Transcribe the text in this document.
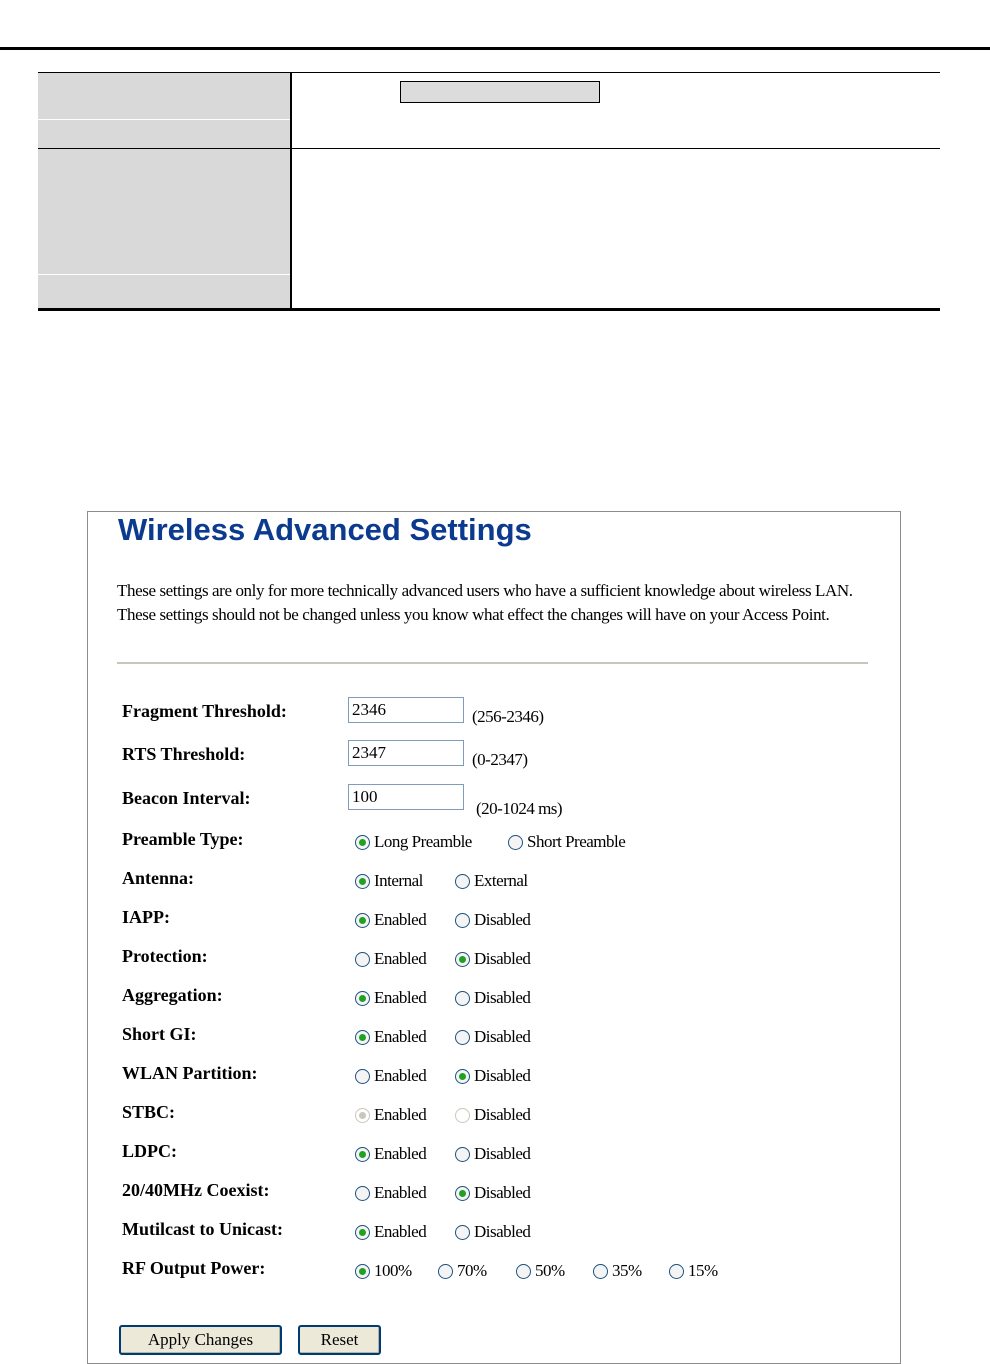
Wireless Advanced Settings

These settings are only for more technically advanced users who have a sufficient knowledge about wireless LAN. These settings should not be changed unless you know what effect the changes will have on your Access Point.

Fragment Threshold:
2346	(256-2346)
RTS Threshold:
2347	(0-2347)
Beacon Interval:
100
(20-1024 ms)
Preamble Type:	Long Preamble	Short Preamble
Antenna:	Internal	External
IAPP:	Enabled	Disabled
Protection:	Enabled	Disabled
Aggregation:	Enabled	Disabled
Short GI:	Enabled	Disabled
WLAN Partition:	Enabled	Disabled
STBC:	Enabled	Disabled
LDPC:	Enabled	Disabled
20/40MHz Coexist:	Enabled	Disabled
Mutilcast to Unicast:	Enabled	Disabled
RF Output Power:	100%	70%	50%	35%	15%
Apply Changes	Reset
